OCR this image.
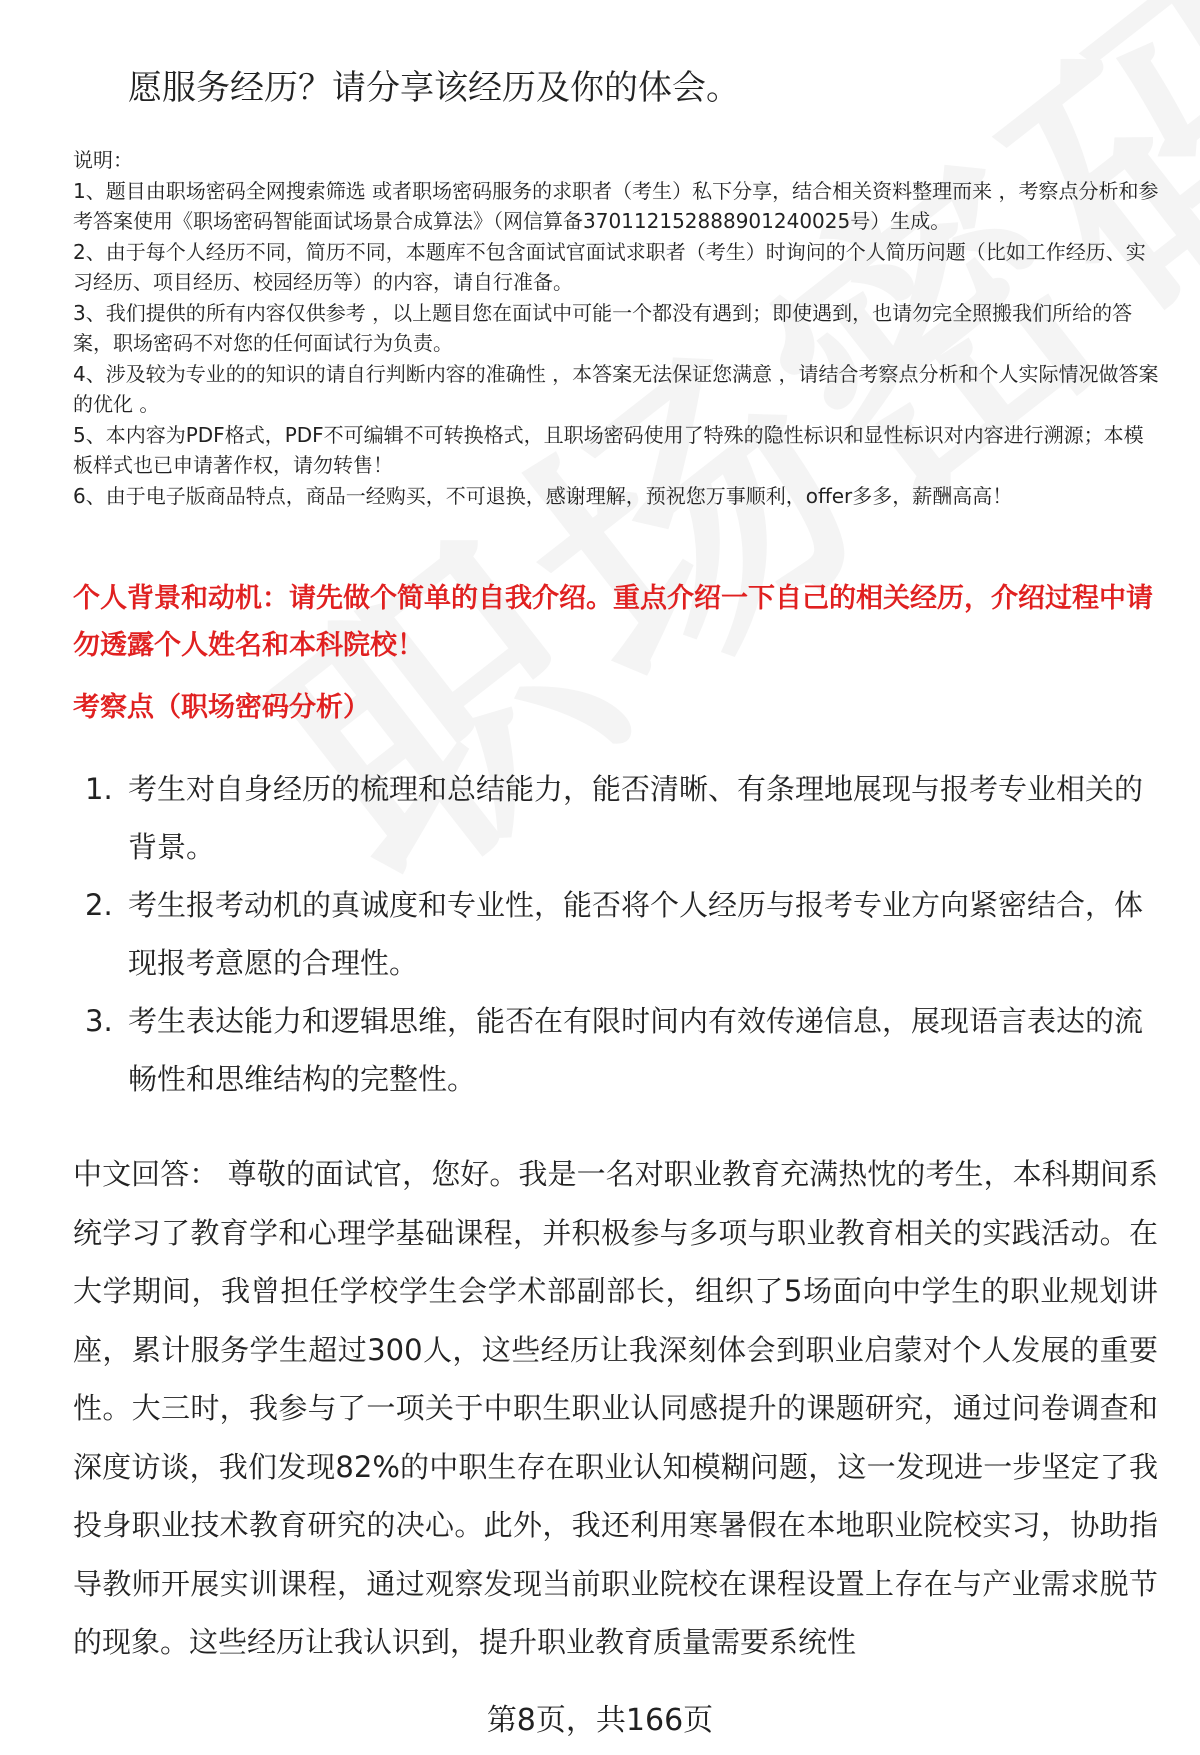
愿服务经历？请分享该经历及你的体会。

说明：

1、题目由职场密码全网搜索筛选 或者职场密码服务的求职者（考生）私下分享，结合相关资料整理而来 ，考察点分析和参考答案使用《职场密码智能面试场景合成算法》（网信算备370112152888901240025号）生成。

2、由于每个人经历不同，简历不同，本题库不包含面试官面试求职者（考生）时询问的个人简历问题（比如工作经历、实习经历、项目经历、校园经历等）的内容，请自行准备。

3、我们提供的所有内容仅供参考 ，以上题目您在面试中可能一个都没有遇到；即使遇到，也请勿完全照搬我们所给的答案，职场密码不对您的任何面试行为负责。

4、涉及较为专业的的知识的请自行判断内容的准确性 ，本答案无法保证您满意 ，请结合考察点分析和个人实际情况做答案的优化 。

5、本内容为PDF格式，PDF不可编辑不可转换格式，且职场密码使用了特殊的隐性标识和显性标识对内容进行溯源；本模板样式也已申请著作权，请勿转售！

6、由于电子版商品特点，商品一经购买，不可退换，感谢理解，预祝您万事顺利，offer多多，薪酬高高！

个人背景和动机：请先做个简单的自我介绍。重点介绍一下自己的相关经历，介绍过程中请勿透露个人姓名和本科院校！
考察点（职场密码分析）
1. 考生对自身经历的梳理和总结能力，能否清晰、有条理地展现与报考专业相关的背景。
2. 考生报考动机的真诚度和专业性，能否将个人经历与报考专业方向紧密结合，体现报考意愿的合理性。
3. 考生表达能力和逻辑思维，能否在有限时间内有效传递信息，展现语言表达的流畅性和思维结构的完整性。

中文回答： 尊敬的面试官，您好。我是一名对职业教育充满热忱的考生，本科期间系统学习了教育学和心理学基础课程，并积极参与多项与职业教育相关的实践活动。在大学期间，我曾担任学校学生会学术部副部长，组织了5场面向中学生的职业规划讲座，累计服务学生超过300人，这些经历让我深刻体会到职业启蒙对个人发展的重要性。大三时，我参与了一项关于中职生职业认同感提升的课题研究，通过问卷调查和深度访谈，我们发现82%的中职生存在职业认知模糊问题，这一发现进一步坚定了我投身职业技术教育研究的决心。此外，我还利用寒暑假在本地职业院校实习，协助指导教师开展实训课程，通过观察发现当前职业院校在课程设置上存在与产业需求脱节的现象。这些经历让我认识到，提升职业教育质量需要系统性

第8页，共166页
